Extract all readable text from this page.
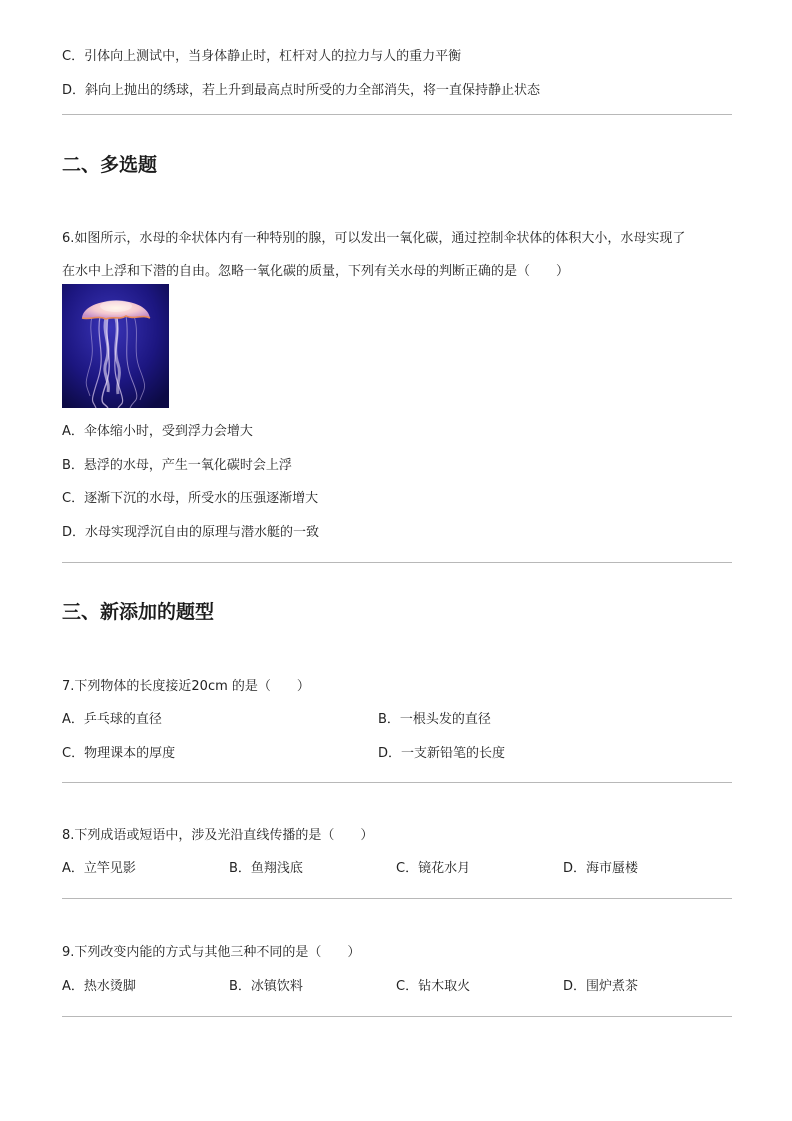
C．引体向上测试中，当身体静止时，杠杆对人的拉力与人的重力平衡
D．斜向上抛出的绣球，若上升到最高点时所受的力全部消失，将一直保持静止状态
二、多选题
6.如图所示，水母的伞状体内有一种特别的腺，可以发出一氧化碳，通过控制伞状体的体积大小，水母实现了
在水中上浮和下潜的自由。忽略一氧化碳的质量，下列有关水母的判断正确的是（　　）
A．伞体缩小时，受到浮力会增大
B．悬浮的水母，产生一氧化碳时会上浮
C．逐渐下沉的水母，所受水的压强逐渐增大
D．水母实现浮沉自由的原理与潜水艇的一致
三、新添加的题型
7.下列物体的长度接近20cm 的是（　　）
A．乒乓球的直径	B．一根头发的直径
C．物理课本的厚度	D．一支新铅笔的长度
8.下列成语或短语中，涉及光沿直线传播的是（　　）
A．立竿见影	B．鱼翔浅底	C．镜花水月	D．海市蜃楼
9.下列改变内能的方式与其他三种不同的是（　　）
A．热水烫脚	B．冰镇饮料	C．钻木取火	D．围炉煮茶
